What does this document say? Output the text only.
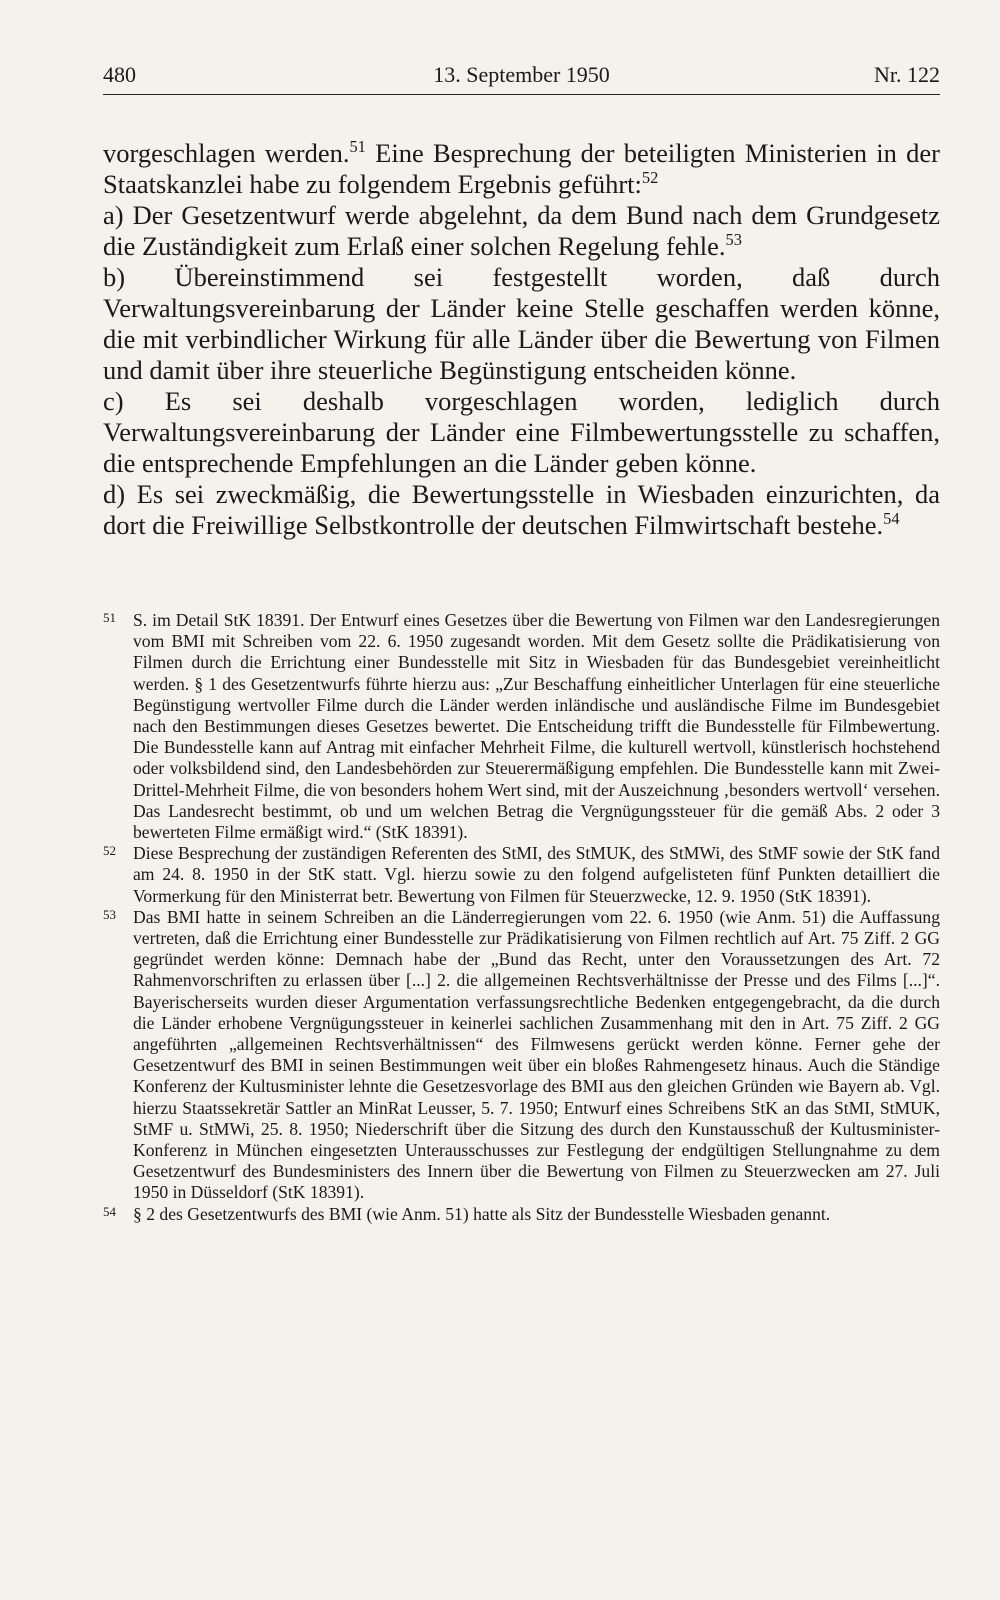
480	13. September 1950	Nr. 122

vorgeschlagen werden.$^{51}$ Eine Besprechung der beteiligten Ministerien in der Staatskanzlei habe zu folgendem Ergebnis geführt:$^{52}$

a) Der Gesetzentwurf werde abgelehnt, da dem Bund nach dem Grundgesetz die Zuständigkeit zum Erlaß einer solchen Regelung fehle.$^{53}$

b) Übereinstimmend sei festgestellt worden, daß durch Verwaltungsvereinbarung der Länder keine Stelle geschaffen werden könne, die mit verbindlicher Wirkung für alle Länder über die Bewertung von Filmen und damit über ihre steuerliche Begünstigung entscheiden könne.

c) Es sei deshalb vorgeschlagen worden, lediglich durch Verwaltungsvereinbarung der Länder eine Filmbewertungsstelle zu schaffen, die entsprechende Empfehlungen an die Länder geben könne.

d) Es sei zweckmäßig, die Bewertungsstelle in Wiesbaden einzurichten, da dort die Freiwillige Selbstkontrolle der deutschen Filmwirtschaft bestehe.$^{54}$

51 S. im Detail StK 18391. Der Entwurf eines Gesetzes über die Bewertung von Filmen war den Landesregierungen vom BMI mit Schreiben vom 22. 6. 1950 zugesandt worden. Mit dem Gesetz sollte die Prädikatisierung von Filmen durch die Errichtung einer Bundesstelle mit Sitz in Wiesbaden für das Bundesgebiet vereinheitlicht werden. § 1 des Gesetzentwurfs führte hierzu aus: „Zur Beschaffung einheitlicher Unterlagen für eine steuerliche Begünstigung wertvoller Filme durch die Länder werden inländische und ausländische Filme im Bundesgebiet nach den Bestimmungen dieses Gesetzes bewertet. Die Entscheidung trifft die Bundesstelle für Filmbewertung. Die Bundesstelle kann auf Antrag mit einfacher Mehrheit Filme, die kulturell wertvoll, künstlerisch hochstehend oder volksbildend sind, den Landesbehörden zur Steuerermäßigung empfehlen. Die Bundesstelle kann mit Zwei-Drittel-Mehrheit Filme, die von besonders hohem Wert sind, mit der Auszeichnung ‚besonders wertvoll‘ versehen. Das Landesrecht bestimmt, ob und um welchen Betrag die Vergnügungssteuer für die gemäß Abs. 2 oder 3 bewerteten Filme ermäßigt wird.“ (StK 18391).
52 Diese Besprechung der zuständigen Referenten des StMI, des StMUK, des StMWi, des StMF sowie der StK fand am 24. 8. 1950 in der StK statt. Vgl. hierzu sowie zu den folgend aufgelisteten fünf Punkten detailliert die Vormerkung für den Ministerrat betr. Bewertung von Filmen für Steuerzwecke, 12. 9. 1950 (StK 18391).
53 Das BMI hatte in seinem Schreiben an die Länderregierungen vom 22. 6. 1950 (wie Anm. 51) die Auffassung vertreten, daß die Errichtung einer Bundesstelle zur Prädikatisierung von Filmen rechtlich auf Art. 75 Ziff. 2 GG gegründet werden könne: Demnach habe der „Bund das Recht, unter den Voraussetzungen des Art. 72 Rahmenvorschriften zu erlassen über [...] 2. die allgemeinen Rechtsverhältnisse der Presse und des Films [...]“. Bayerischerseits wurden dieser Argumentation verfassungsrechtliche Bedenken entgegengebracht, da die durch die Länder erhobene Vergnügungssteuer in keinerlei sachlichen Zusammenhang mit den in Art. 75 Ziff. 2 GG angeführten „allgemeinen Rechtsverhältnissen“ des Filmwesens gerückt werden könne. Ferner gehe der Gesetzentwurf des BMI in seinen Bestimmungen weit über ein bloßes Rahmengesetz hinaus. Auch die Ständige Konferenz der Kultusminister lehnte die Gesetzesvorlage des BMI aus den gleichen Gründen wie Bayern ab. Vgl. hierzu Staatssekretär Sattler an MinRat Leusser, 5. 7. 1950; Entwurf eines Schreibens StK an das StMI, StMUK, StMF u. StMWi, 25. 8. 1950; Niederschrift über die Sitzung des durch den Kunstausschuß der Kultusminister-Konferenz in München eingesetzten Unterausschusses zur Festlegung der endgültigen Stellungnahme zu dem Gesetzentwurf des Bundesministers des Innern über die Bewertung von Filmen zu Steuerzwecken am 27. Juli 1950 in Düsseldorf (StK 18391).
54 § 2 des Gesetzentwurfs des BMI (wie Anm. 51) hatte als Sitz der Bundesstelle Wiesbaden genannt.
